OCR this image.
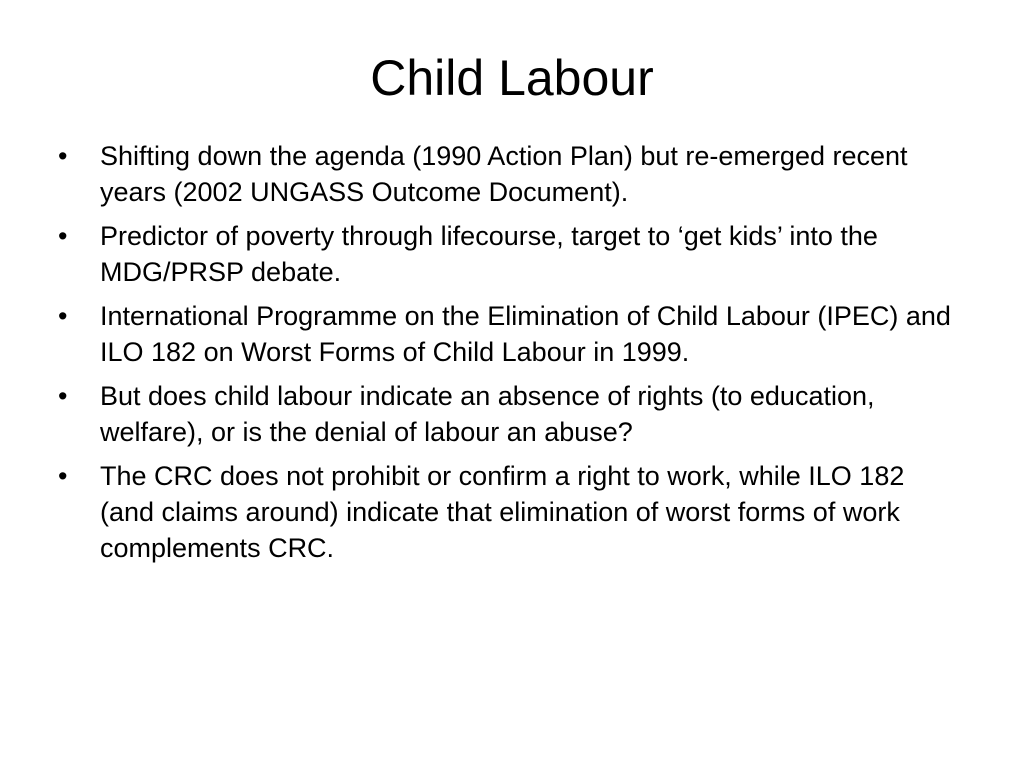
Child Labour
•	Shifting down the agenda (1990 Action Plan) but re-emerged recent years (2002 UNGASS Outcome Document).
•	Predictor of poverty through lifecourse, target to ‘get kids’ into the MDG/PRSP debate.
•	International Programme on the Elimination of Child Labour (IPEC) and ILO 182 on Worst Forms of Child Labour in 1999.
•	But does child labour indicate an absence of rights (to education, welfare), or is the denial of labour an abuse?
•	The CRC does not prohibit or confirm a right to work, while ILO 182 (and claims around) indicate that elimination of worst forms of work complements CRC.
